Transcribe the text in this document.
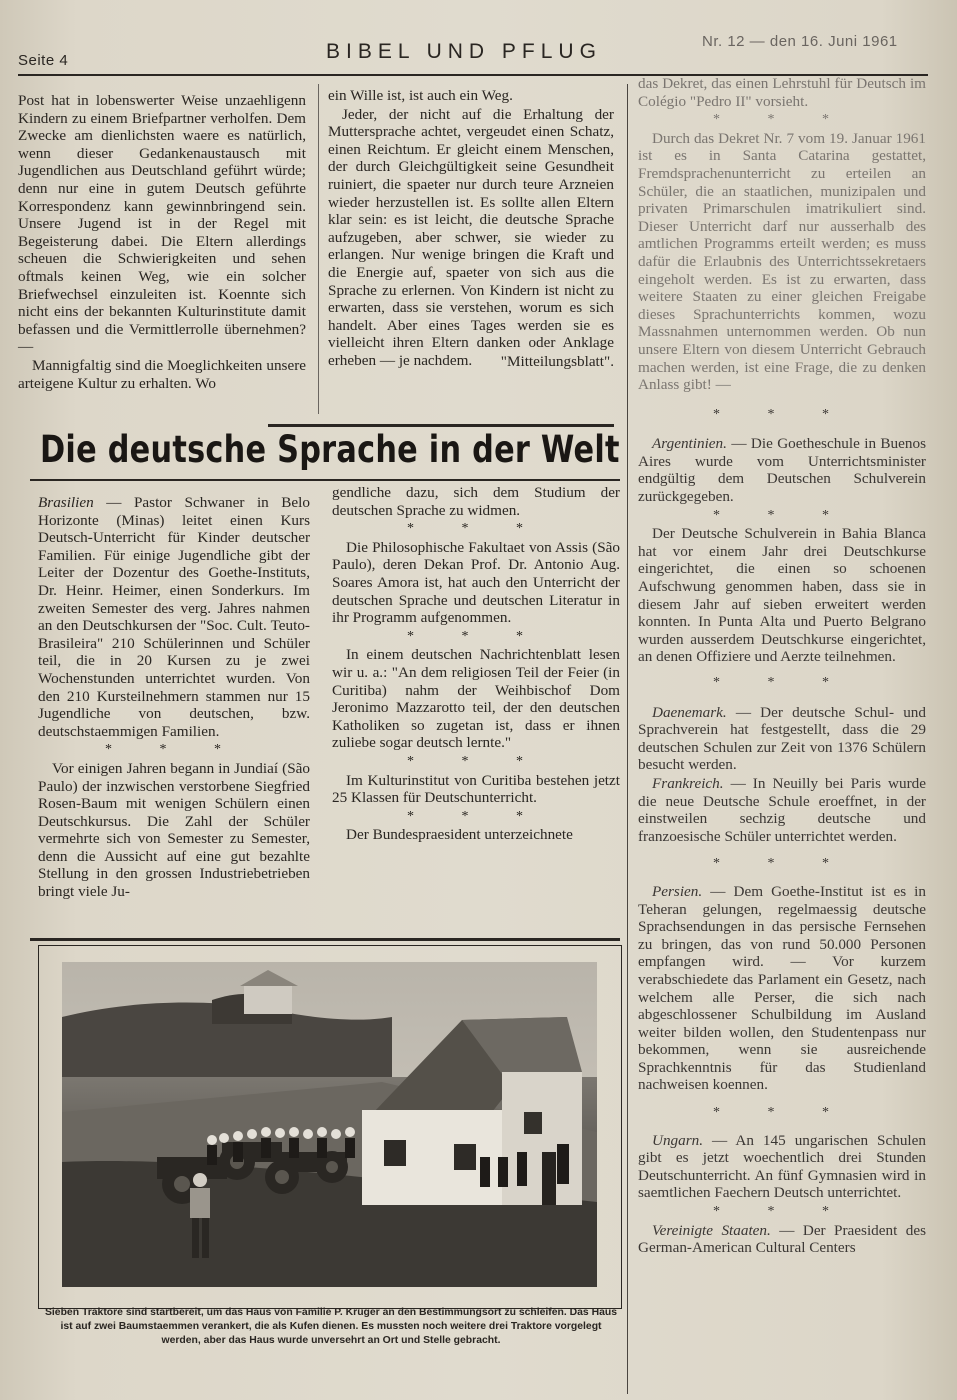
Seite 4	BIBEL UND PFLUG	Nr. 12 — den 16. Juni 1961

Post hat in lobenswerter Weise unzaehligenn Kindern zu einem Briefpartner verholfen. Dem Zwecke am dienlichsten waere es natürlich, wenn dieser Gedankenaustausch mit Jugendlichen aus Deutschland geführt würde; denn nur eine in gutem Deutsch geführte Korrespondenz kann gewinnbringend sein. Unsere Jugend ist in der Regel mit Begeisterung dabei. Die Eltern allerdings scheuen die Schwierigkeiten und sehen oftmals keinen Weg, wie ein solcher Briefwechsel einzuleiten ist. Koennte sich nicht eins der bekannten Kulturinstitute damit befassen und die Vermittlerrolle übernehmen? —

Mannigfaltig sind die Moeglichkeiten unsere arteigene Kultur zu erhalten. Wo

ein Wille ist, ist auch ein Weg.

Jeder, der nicht auf die Erhaltung der Muttersprache achtet, vergeudet einen Schatz, einen Reichtum. Er gleicht einem Menschen, der durch Gleichgültigkeit seine Gesundheit ruiniert, die spaeter nur durch teure Arzneien wieder herzustellen ist. Es sollte allen Eltern klar sein: es ist leicht, die deutsche Sprache aufzugeben, aber schwer, sie wieder zu erlangen. Nur wenige bringen die Kraft und die Energie auf, spaeter von sich aus die Sprache zu erlernen. Von Kindern ist nicht zu erwarten, dass sie verstehen, worum es sich handelt. Aber eines Tages werden sie es vielleicht ihren Eltern danken oder Anklage erheben — je nachdem.	"Mitteilungsblatt".

Die deutsche Sprache in der Welt

Brasilien — Pastor Schwaner in Belo Horizonte (Minas) leitet einen Kurs Deutsch-Unterricht für Kinder deutscher Familien. Für einige Jugendliche gibt der Leiter der Dozentur des Goethe-Instituts, Dr. Heinr. Heimer, einen Sonderkurs. Im zweiten Semester des verg. Jahres nahmen an den Deutschkursen der "Soc. Cult. Teuto-Brasileira" 210 Schülerinnen und Schüler teil, die in 20 Kursen zu je zwei Wochenstunden unterrichtet wurden. Von den 210 Kursteilnehmern stammen nur 15 Jugendliche von deutschen, bzw. deutschstaemmigen Familien.

* * *

Vor einigen Jahren begann in Jundiaí (São Paulo) der inzwischen verstorbene Siegfried Rosen-Baum mit wenigen Schülern einen Deutschkursus. Die Zahl der Schüler vermehrte sich von Semester zu Semester, denn die Aussicht auf eine gut bezahlte Stellung in den grossen Industriebetrieben bringt viele Ju-

gendliche dazu, sich dem Studium der deutschen Sprache zu widmen.

* * *

Die Philosophische Fakultaet von Assis (São Paulo), deren Dekan Prof. Dr. Antonio Aug. Soares Amora ist, hat auch den Unterricht der deutschen Sprache und deutschen Literatur in ihr Programm aufgenommen.

* * *

In einem deutschen Nachrichtenblatt lesen wir u. a.: "An dem religiosen Teil der Feier (in Curitiba) nahm der Weihbischof Dom Jeronimo Mazzarotto teil, der den deutschen Katholiken so zugetan ist, dass er ihnen zuliebe sogar deutsch lernte."

* * *

Im Kulturinstitut von Curitiba bestehen jetzt 25 Klassen für Deutschunterricht.

* * *

Der Bundespraesident unterzeichnete

Sieben Traktore sind startbereit, um das Haus von Familie P. Krüger an den Bestimmungsort zu schleifen. Das Haus ist auf zwei Baumstaemmen verankert, die als Kufen dienen. Es mussten noch weitere drei Traktore vorgelegt werden, aber das Haus wurde unversehrt an Ort und Stelle gebracht.

das Dekret, das einen Lehrstuhl für Deutsch im Colégio "Pedro II" vorsieht.

* * *

Durch das Dekret Nr. 7 vom 19. Januar 1961 ist es in Santa Catarina gestattet, Fremdsprachenunterricht zu erteilen an Schüler, die an staatlichen, munizipalen und privaten Primarschulen imatrikuliert sind. Dieser Unterricht darf nur ausserhalb des amtlichen Programms erteilt werden; es muss dafür die Erlaubnis des Unterrichtssekretaers eingeholt werden. Es ist zu erwarten, dass weitere Staaten zu einer gleichen Freigabe dieses Sprachunterrichts kommen, wozu Massnahmen unternommen werden. Ob nun unsere Eltern von diesem Unterricht Gebrauch machen werden, ist eine Frage, die zu denken Anlass gibt! —

* * *

Argentinien. — Die Goetheschule in Buenos Aires wurde vom Unterrichtsminister endgültig dem Deutschen Schulverein zurückgegeben.

* * *

Der Deutsche Schulverein in Bahia Blanca hat vor einem Jahr drei Deutschkurse eingerichtet, die einen so schoenen Aufschwung genommen haben, dass sie in diesem Jahr auf sieben erweitert werden konnten. In Punta Alta und Puerto Belgrano wurden ausserdem Deutschkurse eingerichtet, an denen Offiziere und Aerzte teilnehmen.

* * *

Daenemark. — Der deutsche Schul- und Sprachverein hat festgestellt, dass die 29 deutschen Schulen zur Zeit von 1376 Schülern besucht werden.

Frankreich. — In Neuilly bei Paris wurde die neue Deutsche Schule eroeffnet, in der einstweilen sechzig deutsche und franzoesische Schüler unterrichtet werden.

* * *

Persien. — Dem Goethe-Institut ist es in Teheran gelungen, regelmaessig deutsche Sprachsendungen in das persische Fernsehen zu bringen, das von rund 50.000 Personen empfangen wird. — Vor kurzem verabschiedete das Parlament ein Gesetz, nach welchem alle Perser, die sich nach abgeschlossener Schulbildung im Ausland weiter bilden wollen, den Studentenpass nur bekommen, wenn sie ausreichende Sprachkenntnis für das Studienland nachweisen koennen.

* * *

Ungarn. — An 145 ungarischen Schulen gibt es jetzt woechentlich drei Stunden Deutschunterricht. An fünf Gymnasien wird in saemtlichen Faechern Deutsch unterrichtet.

* * *

Vereinigte Staaten. — Der Praesident des German-American Cultural Centers
